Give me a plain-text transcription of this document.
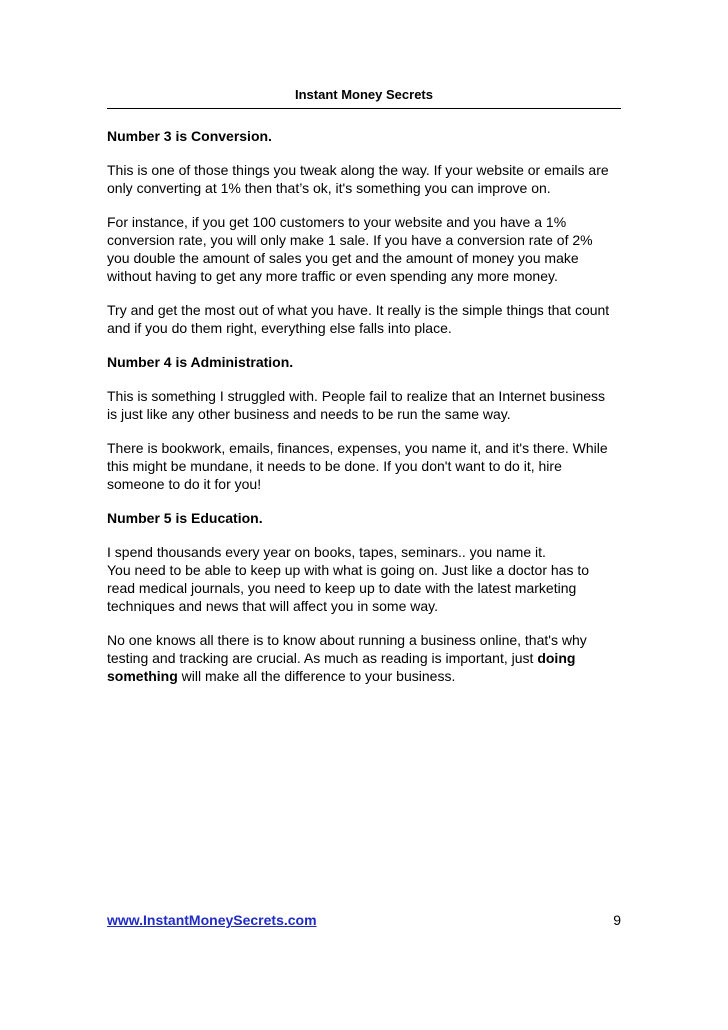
Instant Money Secrets

Number 3 is Conversion.

This is one of those things you tweak along the way. If your website or emails are
only converting at 1% then that’s ok, it's something you can improve on.

For instance, if you get 100 customers to your website and you have a 1%
conversion rate, you will only make 1 sale. If you have a conversion rate of 2%
you double the amount of sales you get and the amount of money you make
without having to get any more traffic or even spending any more money.

Try and get the most out of what you have. It really is the simple things that count
and if you do them right, everything else falls into place.

Number 4 is Administration.

This is something I struggled with. People fail to realize that an Internet business
is just like any other business and needs to be run the same way.

There is bookwork, emails, finances, expenses, you name it, and it's there. While
this might be mundane, it needs to be done. If you don't want to do it, hire
someone to do it for you!

Number 5 is Education.

I spend thousands every year on books, tapes, seminars.. you name it.
You need to be able to keep up with what is going on. Just like a doctor has to
read medical journals, you need to keep up to date with the latest marketing
techniques and news that will affect you in some way.

No one knows all there is to know about running a business online, that's why
testing and tracking are crucial. As much as reading is important, just doing
something will make all the difference to your business.

www.InstantMoneySecrets.com	9
